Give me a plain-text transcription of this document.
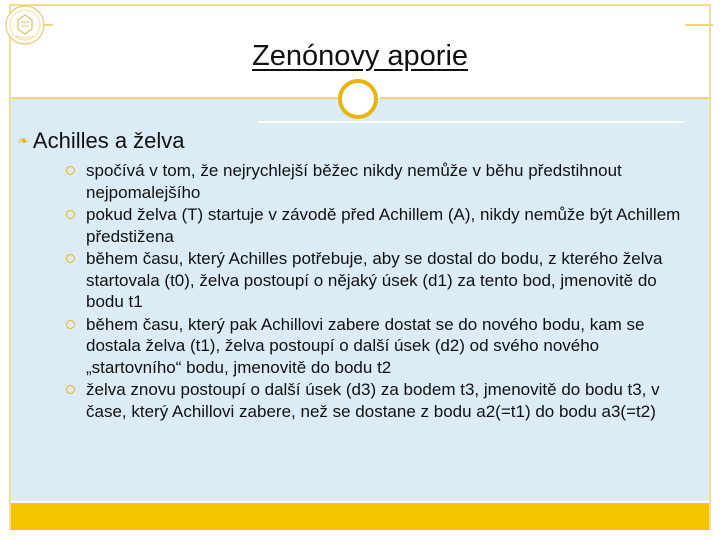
Zenónovy aporie
❧ Achilles a želva
spočívá v tom, že nejrychlejší běžec nikdy nemůže v běhu předstihnout nejpomalejšího
pokud želva (T) startuje v závodě před Achillem (A), nikdy nemůže být Achillem předstižena
během času, který Achilles potřebuje, aby se dostal do bodu, z kterého želva startovala (t0), želva postoupí o nějaký úsek (d1) za tento bod, jmenovitě do bodu t1
během času, který pak Achillovi zabere dostat se do nového bodu, kam se dostala želva (t1), želva postoupí o další úsek (d2) od svého nového „startovního“ bodu, jmenovitě do bodu t2
želva znovu postoupí o další úsek (d3) za bodem t3, jmenovitě do bodu t3, v čase, který Achillovi zabere, než se dostane z bodu a2(=t1) do bodu a3(=t2)
